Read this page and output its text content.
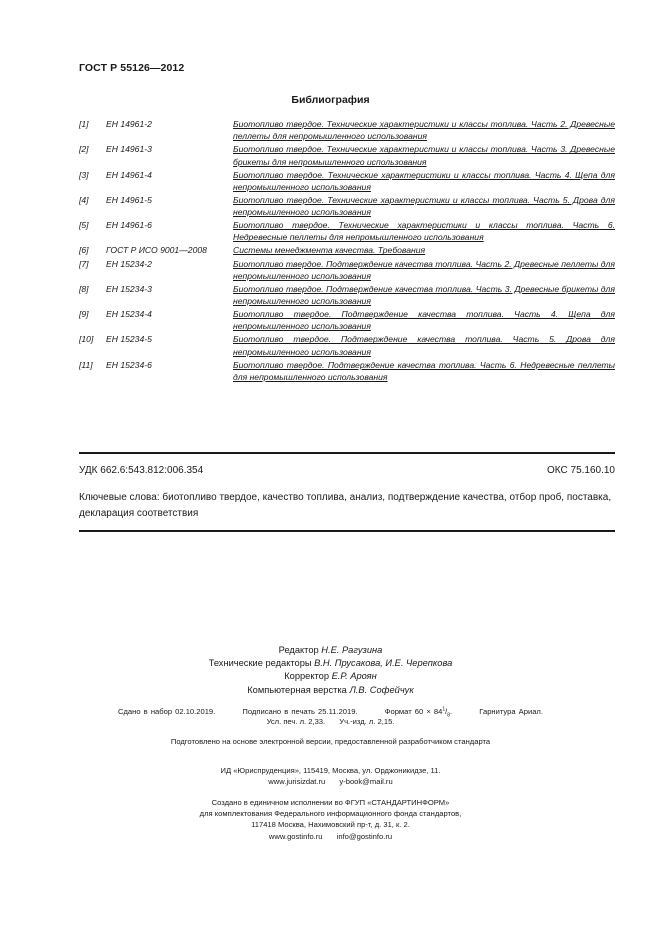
ГОСТ Р 55126—2012
Библиография
[1]	ЕН 14961-2	Биотопливо твердое. Технические характеристики и классы топлива. Часть 2. Древесные пеллеты для непромышленного использования
[2]	ЕН 14961-3	Биотопливо твердое. Технические характеристики и классы топлива. Часть 3. Древесные брикеты для непромышленного использования
[3]	ЕН 14961-4	Биотопливо твердое. Технические характеристики и классы топлива. Часть 4. Щепа для непромышленного использования
[4]	ЕН 14961-5	Биотопливо твердое. Технические характеристики и классы топлива. Часть 5. Дрова для непромышленного использования
[5]	ЕН 14961-6	Биотопливо твердое. Технические характеристики и классы топлива. Часть 6. Недревесные пеллеты для непромышленного использования
[6]	ГОСТ Р ИСО 9001—2008	Системы менеджмента качества. Требования
[7]	ЕН 15234-2	Биотопливо твердое. Подтверждение качества топлива. Часть 2. Древесные пеллеты для непромышленного использования
[8]	ЕН 15234-3	Биотопливо твердое. Подтверждение качества топлива. Часть 3. Древесные брикеты для непромышленного использования
[9]	ЕН 15234-4	Биотопливо твердое. Подтверждение качества топлива. Часть 4. Щепа для непромышленного использования
[10]	ЕН 15234-5	Биотопливо твердое. Подтверждение качества топлива. Часть 5. Дрова для непромышленного использования
[11]	ЕН 15234-6	Биотопливо твердое. Подтверждение качества топлива. Часть 6. Недревесные пеллеты для непромышленного использования
УДК 662.6:543.812:006.354	ОКС 75.160.10
Ключевые слова: биотопливо твердое, качество топлива, анализ, подтверждение качества, отбор проб, поставка, декларация соответствия
Редактор Н.Е. Рагузина
Технические редакторы В.Н. Прусакова, И.Е. Черепкова
Корректор Е.Р. Ароян
Компьютерная верстка Л.В. Софейчук
Сдано в набор 02.10.2019.	Подписано в печать 25.11.2019.	Формат $60 \times 84^1/_8$.	Гарнитура Ариал.
Усл. печ. л. 2,33. Уч.-изд. л. 2,15.
Подготовлено на основе электронной версии, предоставленной разработчиком стандарта
ИД «Юриспруденция», 115419, Москва, ул. Орджоникидзе, 11.
www.jurisizdat.ru y-book@mail.ru
Создано в единичном исполнении во ФГУП «СТАНДАРТИНФОРМ»
для комплектования Федерального информационного фонда стандартов,
117418 Москва, Нахимовский пр-т, д. 31, к. 2.
www.gostinfo.ru info@gostinfo.ru
